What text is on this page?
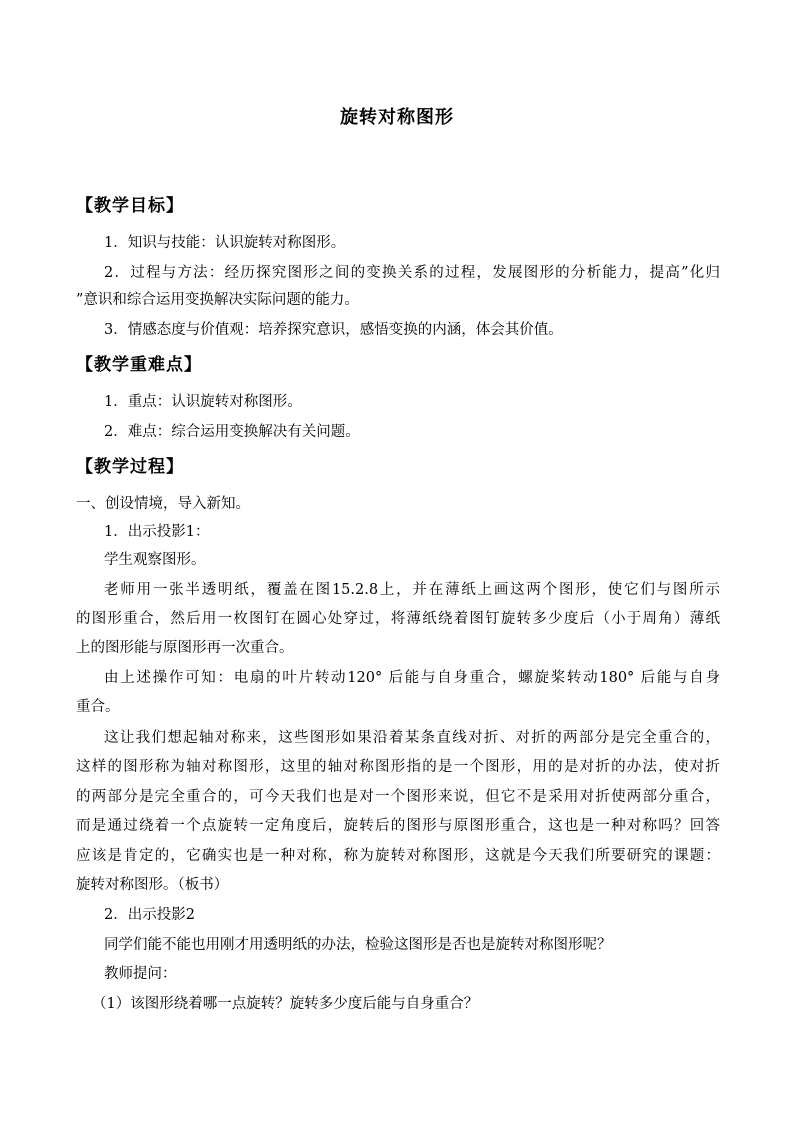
旋转对称图形
【教学目标】
1．知识与技能：认识旋转对称图形。
2．过程与方法：经历探究图形之间的变换关系的过程，发展图形的分析能力，提高”化归
”意识和综合运用变换解决实际问题的能力。
3．情感态度与价值观：培养探究意识，感悟变换的内涵，体会其价值。
【教学重难点】
1．重点：认识旋转对称图形。
2．难点：综合运用变换解决有关问题。
【教学过程】
一、创设情境，导入新知。
1．出示投影1：
学生观察图形。
老师用一张半透明纸，覆盖在图15.2.8上，并在薄纸上画这两个图形，使它们与图所示
的图形重合，然后用一枚图钉在圆心处穿过，将薄纸绕着图钉旋转多少度后（小于周角）薄纸
上的图形能与原图形再一次重合。
由上述操作可知：电扇的叶片转动120° 后能与自身重合，螺旋桨转动180° 后能与自身
重合。
这让我们想起轴对称来，这些图形如果沿着某条直线对折、对折的两部分是完全重合的，
这样的图形称为轴对称图形，这里的轴对称图形指的是一个图形，用的是对折的办法，使对折
的两部分是完全重合的，可今天我们也是对一个图形来说，但它不是采用对折使两部分重合，
而是通过绕着一个点旋转一定角度后，旋转后的图形与原图形重合，这也是一种对称吗？回答
应该是肯定的，它确实也是一种对称，称为旋转对称图形，这就是今天我们所要研究的课题：
旋转对称图形。（板书）
2．出示投影2
同学们能不能也用刚才用透明纸的办法，检验这图形是否也是旋转对称图形呢？
教师提问：
（1）该图形绕着哪一点旋转？旋转多少度后能与自身重合？
